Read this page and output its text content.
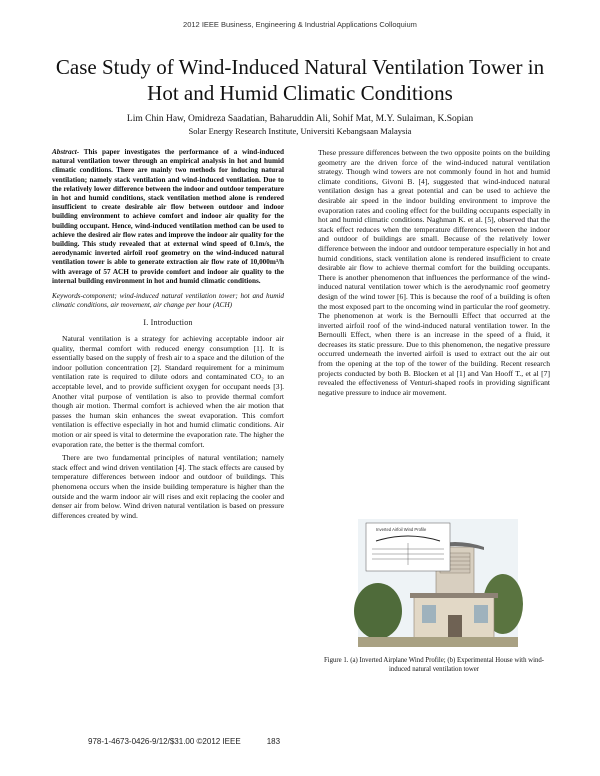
2012 IEEE Business, Engineering & Industrial Applications Colloquium
Case Study of Wind-Induced Natural Ventilation Tower in Hot and Humid Climatic Conditions
Lim Chin Haw, Omidreza Saadatian, Baharuddin Ali, Sohif Mat, M.Y. Sulaiman, K.Sopian
Solar Energy Research Institute, Universiti Kebangsaan Malaysia

Abstract- This paper investigates the performance of a wind-induced natural ventilation tower through an empirical analysis in hot and humid climatic conditions. There are mainly two methods for inducing natural ventilation; namely stack ventilation and wind-induced ventilation. Due to the relatively lower difference between the indoor and outdoor temperature in hot and humid conditions, stack ventilation method alone is rendered insufficient to create desirable air flow between outdoor and indoor building environment to achieve comfort and indoor air quality for the building occupant. Hence, wind-induced ventilation method can be used to achieve the desired air flow rates and improve the indoor air quality for the building. This study revealed that at external wind speed of 0.1m/s, the aerodynamic inverted airfoil roof geometry on the wind-induced natural ventilation tower is able to generate extraction air flow rate of 10,000m³/h with average of 57 ACH to provide comfort and indoor air quality to the internal building environment in hot and humid climatic conditions.

Keywords-component; wind-induced natural ventilation tower; hot and humid climatic conditions, air movement, air change per hour (ACH)

I. Introduction

Natural ventilation is a strategy for achieving acceptable indoor air quality, thermal comfort with reduced energy consumption [1]. It is essentially based on the supply of fresh air to a space and the dilution of the indoor pollution concentration [2]. Standard requirement for a minimum ventilation rate is required to dilute odors and contaminated CO₂ to an acceptable level, and to provide sufficient oxygen for occupant needs [3]. Another vital purpose of ventilation is also to provide thermal comfort though air motion. Thermal comfort is achieved when the air motion that passes the human skin enhances the sweat evaporation. This comfort ventilation is effective especially in hot and humid climatic conditions. Air motion or air speed is vital to determine the evaporation rate. The higher the evaporation rate, the better is the thermal comfort.

There are two fundamental principles of natural ventilation; namely stack effect and wind driven ventilation [4]. The stack effects are caused by temperature differences between indoor and outdoor of buildings. This phenomena occurs when the inside building temperature is higher than the outside and the warm indoor air will rises and exit replacing the cooler and denser air from below. Wind driven natural ventilation is based on pressure differences created by wind.

These pressure differences between the two opposite points on the building geometry are the driven force of the wind-induced natural ventilation strategy. Though wind towers are not commonly found in hot and humid climate conditions, Givoni B. [4], suggested that wind-induced natural ventilation design has a great potential and can be used to achieve the desirable air speed in the indoor building environment to improve the evaporation rates and cooling effect for the building occupants especially in hot and humid climatic conditions. Naghman K. et al. [5], observed that the stack effect reduces when the temperature differences between the indoor and outdoor of buildings are small. Because of the relatively lower difference between the indoor and outdoor temperature especially in hot and humid conditions, stack ventilation alone is rendered insufficient to create desirable air flow to achieve thermal comfort for the building occupants. There is another phenomenon that influences the performance of the wind-induced natural ventilation tower which is the aerodynamic roof geometry design of the wind tower [6]. This is because the roof of a building is often the most exposed part to the oncoming wind in particular the roof geometry. The phenomenon at work is the Bernoulli Effect that occurred at the inverted airfoil roof of the wind-induced natural ventilation tower. In the Bernoulli Effect, when there is an increase in the speed of a fluid, it decreases its static pressure. Due to this phenomenon, the negative pressure occurred underneath the inverted airfoil is used to extract out the air out from the opening at the top of the tower of the building. Recent research projects conducted by both B. Blocken et al [1] and Van Hooff T., et al [7] revealed the effectiveness of Venturi-shaped roofs in providing significant negative pressure to induce air movement.

Inverted Airfoil Wind Profile
Figure 1. (a) Inverted Airplane Wind Profile; (b) Experimental House with wind-induced natural ventilation tower
978-1-4673-0426-9/12/$31.00 ©2012 IEEE	183
